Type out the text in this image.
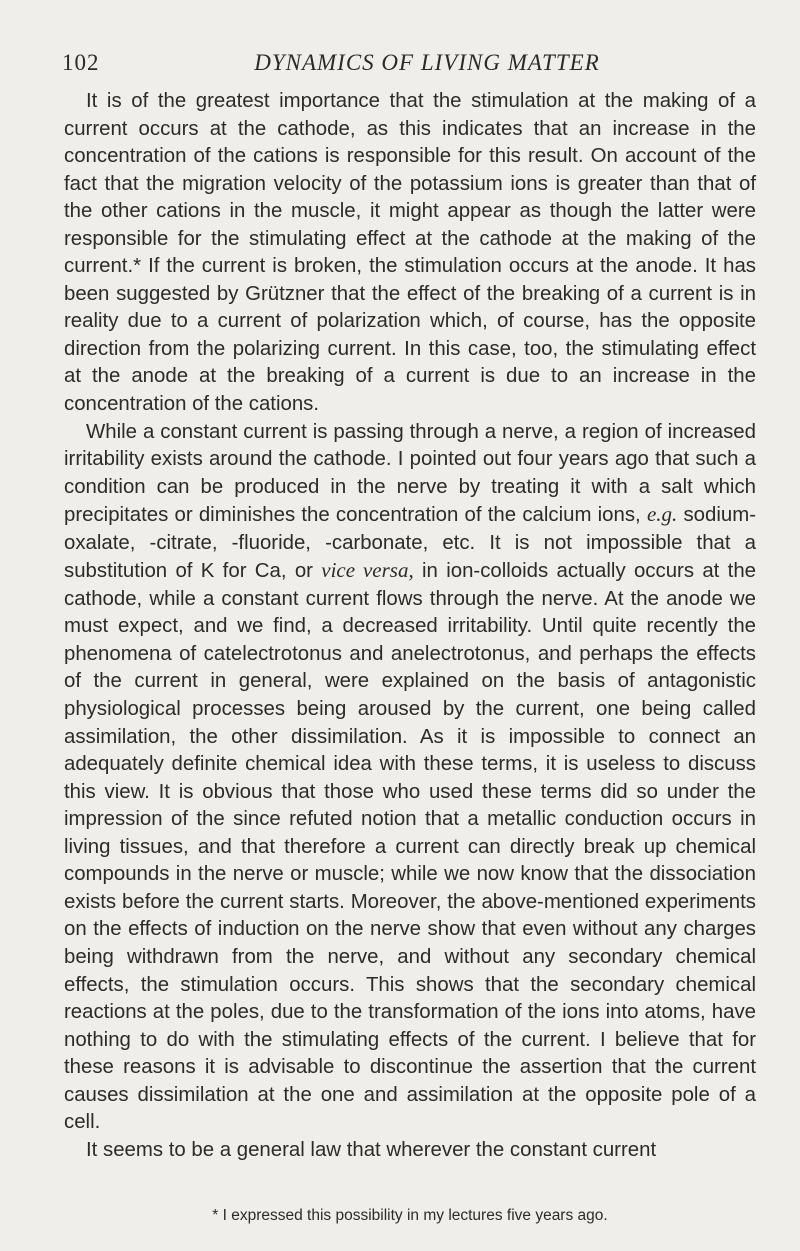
102	DYNAMICS OF LIVING MATTER

It is of the greatest importance that the stimulation at the making of a current occurs at the cathode, as this indicates that an increase in the concentration of the cations is responsible for this result. On account of the fact that the migration velocity of the potassium ions is greater than that of the other cations in the muscle, it might appear as though the latter were responsible for the stimulating effect at the cathode at the making of the current.* If the current is broken, the stimulation occurs at the anode. It has been suggested by Grützner that the effect of the breaking of a current is in reality due to a current of polarization which, of course, has the opposite direction from the polarizing current. In this case, too, the stimulating effect at the anode at the breaking of a current is due to an increase in the concentration of the cations.

While a constant current is passing through a nerve, a region of increased irritability exists around the cathode. I pointed out four years ago that such a condition can be produced in the nerve by treating it with a salt which precipitates or diminishes the concentration of the calcium ions, e.g. sodium-oxalate, -citrate, -fluoride, -carbonate, etc. It is not impossible that a substitution of K for Ca, or vice versa, in ion-colloids actually occurs at the cathode, while a constant current flows through the nerve. At the anode we must expect, and we find, a decreased irritability. Until quite recently the phenomena of catelectrotonus and anelectrotonus, and perhaps the effects of the current in general, were explained on the basis of antagonistic physiological processes being aroused by the current, one being called assimilation, the other dissimilation. As it is impossible to connect an adequately definite chemical idea with these terms, it is useless to discuss this view. It is obvious that those who used these terms did so under the impression of the since refuted notion that a metallic conduction occurs in living tissues, and that therefore a current can directly break up chemical compounds in the nerve or muscle; while we now know that the dissociation exists before the current starts. Moreover, the above-mentioned experiments on the effects of induction on the nerve show that even without any charges being withdrawn from the nerve, and without any secondary chemical effects, the stimulation occurs. This shows that the secondary chemical reactions at the poles, due to the transformation of the ions into atoms, have nothing to do with the stimulating effects of the current. I believe that for these reasons it is advisable to discontinue the assertion that the current causes dissimilation at the one and assimilation at the opposite pole of a cell.

It seems to be a general law that wherever the constant current

* I expressed this possibility in my lectures five years ago.
